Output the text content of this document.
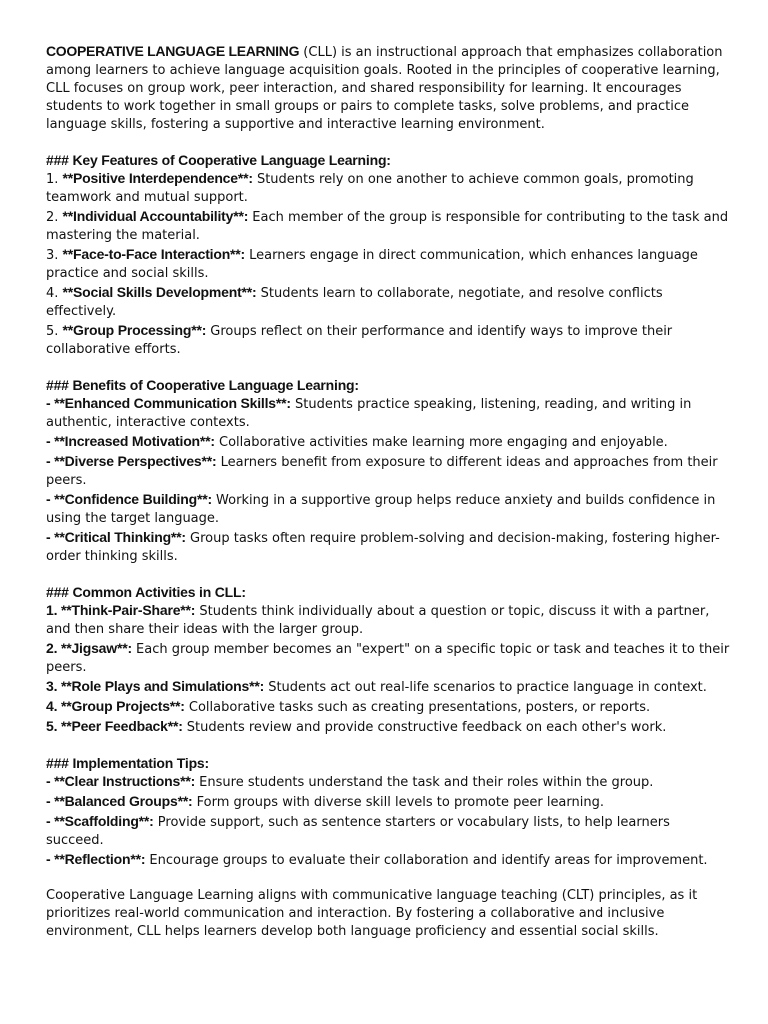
COOPERATIVE LANGUAGE LEARNING (CLL) is an instructional approach that emphasizes collaboration among learners to achieve language acquisition goals. Rooted in the principles of cooperative learning, CLL focuses on group work, peer interaction, and shared responsibility for learning. It encourages students to work together in small groups or pairs to complete tasks, solve problems, and practice language skills, fostering a supportive and interactive learning environment.

### Key Features of Cooperative Language Learning:

1. **Positive Interdependence**: Students rely on one another to achieve common goals, promoting teamwork and mutual support.

2. **Individual Accountability**: Each member of the group is responsible for contributing to the task and mastering the material.

3. **Face-to-Face Interaction**: Learners engage in direct communication, which enhances language practice and social skills.

4. **Social Skills Development**: Students learn to collaborate, negotiate, and resolve conflicts effectively.

5. **Group Processing**: Groups reflect on their performance and identify ways to improve their collaborative efforts.

### Benefits of Cooperative Language Learning:

- **Enhanced Communication Skills**: Students practice speaking, listening, reading, and writing in authentic, interactive contexts.

- **Increased Motivation**: Collaborative activities make learning more engaging and enjoyable.

- **Diverse Perspectives**: Learners benefit from exposure to different ideas and approaches from their peers.

- **Confidence Building**: Working in a supportive group helps reduce anxiety and builds confidence in using the target language.

- **Critical Thinking**: Group tasks often require problem-solving and decision-making, fostering higher-order thinking skills.

### Common Activities in CLL:

1. **Think-Pair-Share**: Students think individually about a question or topic, discuss it with a partner, and then share their ideas with the larger group.

2. **Jigsaw**: Each group member becomes an "expert" on a specific topic or task and teaches it to their peers.

3. **Role Plays and Simulations**: Students act out real-life scenarios to practice language in context.

4. **Group Projects**: Collaborative tasks such as creating presentations, posters, or reports.

5. **Peer Feedback**: Students review and provide constructive feedback on each other's work.

### Implementation Tips:

- **Clear Instructions**: Ensure students understand the task and their roles within the group.

- **Balanced Groups**: Form groups with diverse skill levels to promote peer learning.

- **Scaffolding**: Provide support, such as sentence starters or vocabulary lists, to help learners succeed.

- **Reflection**: Encourage groups to evaluate their collaboration and identify areas for improvement.

Cooperative Language Learning aligns with communicative language teaching (CLT) principles, as it prioritizes real-world communication and interaction. By fostering a collaborative and inclusive environment, CLL helps learners develop both language proficiency and essential social skills.
